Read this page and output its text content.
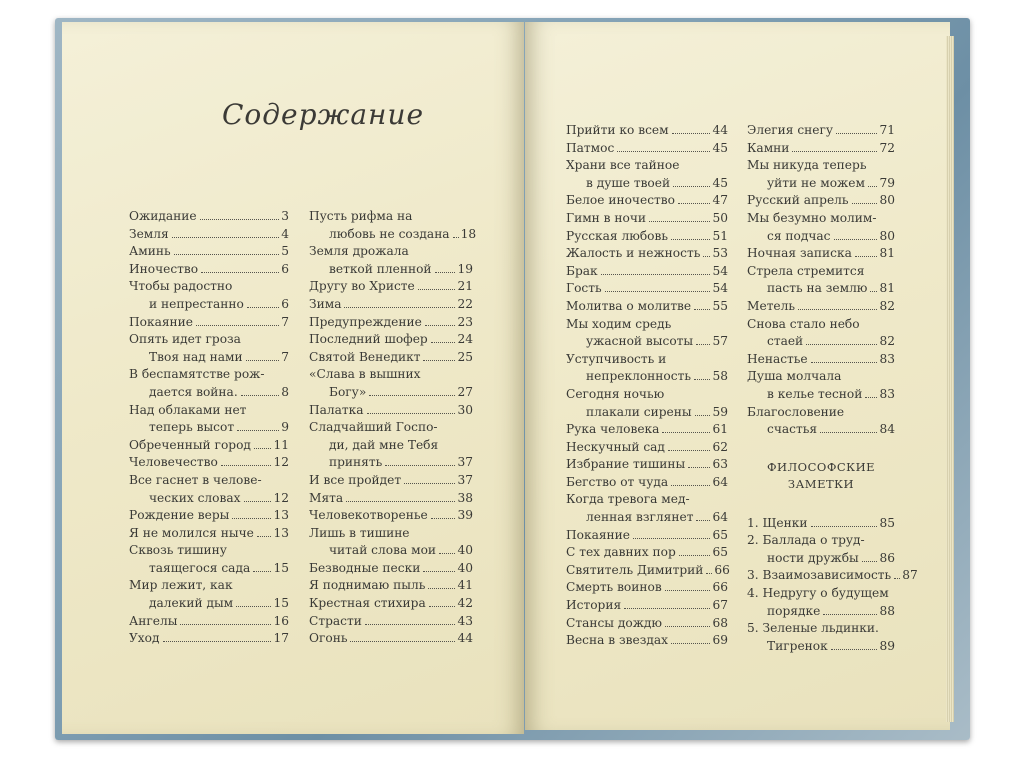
Содержание
Ожидание	3
Земля	4
Аминь	5
Иночество	6
Чтобы радостно
и непрестанно	6
Покаяние	7
Опять идет гроза
Твоя над нами	7
В беспамятстве рож-
дается война.	8
Над облаками нет
теперь высот	9
Обреченный город 11
Человечество	12
Все гаснет в челове-
ческих словах	12
Рождение веры	13
Я не молился ныче 13
Сквозь тишину
таящегося сада 15
Мир лежит, как
далекий дым	15
Ангелы	16
Уход	17
Пусть рифма на
любовь не создана 18
Земля дрожала
веткой пленной 19
Другу во Христе	21
Зима	22
Предупреждение	23
Последний шофер 24
Святой Венедикт	25
«Слава в вышних
Богу»	27
Палатка	30
Сладчайший Госпо-
ди, дай мне Тебя
принять	37
И все пройдет	37
Мята	38
Человекотворенье 39
Лишь в тишине
читай слова мои 40
Безводные пески	40
Я поднимаю пыль	41
Крестная стихира	42
Страсти	43
Огонь	44
Прийти ко всем	44
Патмос	45
Храни все тайное
в душе твоей	45
Белое иночество	47
Гимн в ночи	50
Русская любовь	51
Жалость и нежность 53
Брак	54
Гость	54
Молитва о молитве 55
Мы ходим средь
ужасной высоты 57
Уступчивость и
непреклонность 58
Сегодня ночью
плакали сирены 59
Рука человека	61
Нескучный сад	62
Избрание тишины 63
Бегство от чуда	64
Когда тревога мед-
ленная взглянет 64
Покаяние	65
С тех давних пор	65
Святитель Димитрий 66
Смерть воинов	66
История	67
Стансы дождю	68
Весна в звездах	69
Элегия снегу	71
Камни	72
Мы никуда теперь
уйти не можем 79
Русский апрель	80
Мы безумно молим-
ся подчас	80
Ночная записка 81
Стрела стремится
пасть на землю 81
Метель	82
Снова стало небо
стаей	82
Ненастье	83
Душа молчала
в келье тесной 83
Благословение
счастья	84
ФИЛОСОФСКИЕ
ЗАМЕТКИ
1. Щенки	85
2. Баллада о труд-
ности дружбы 86
3. Взаимозависимость 87
4. Недругу о будущем
порядке	88
5. Зеленые льдинки.
Тигренок	89
